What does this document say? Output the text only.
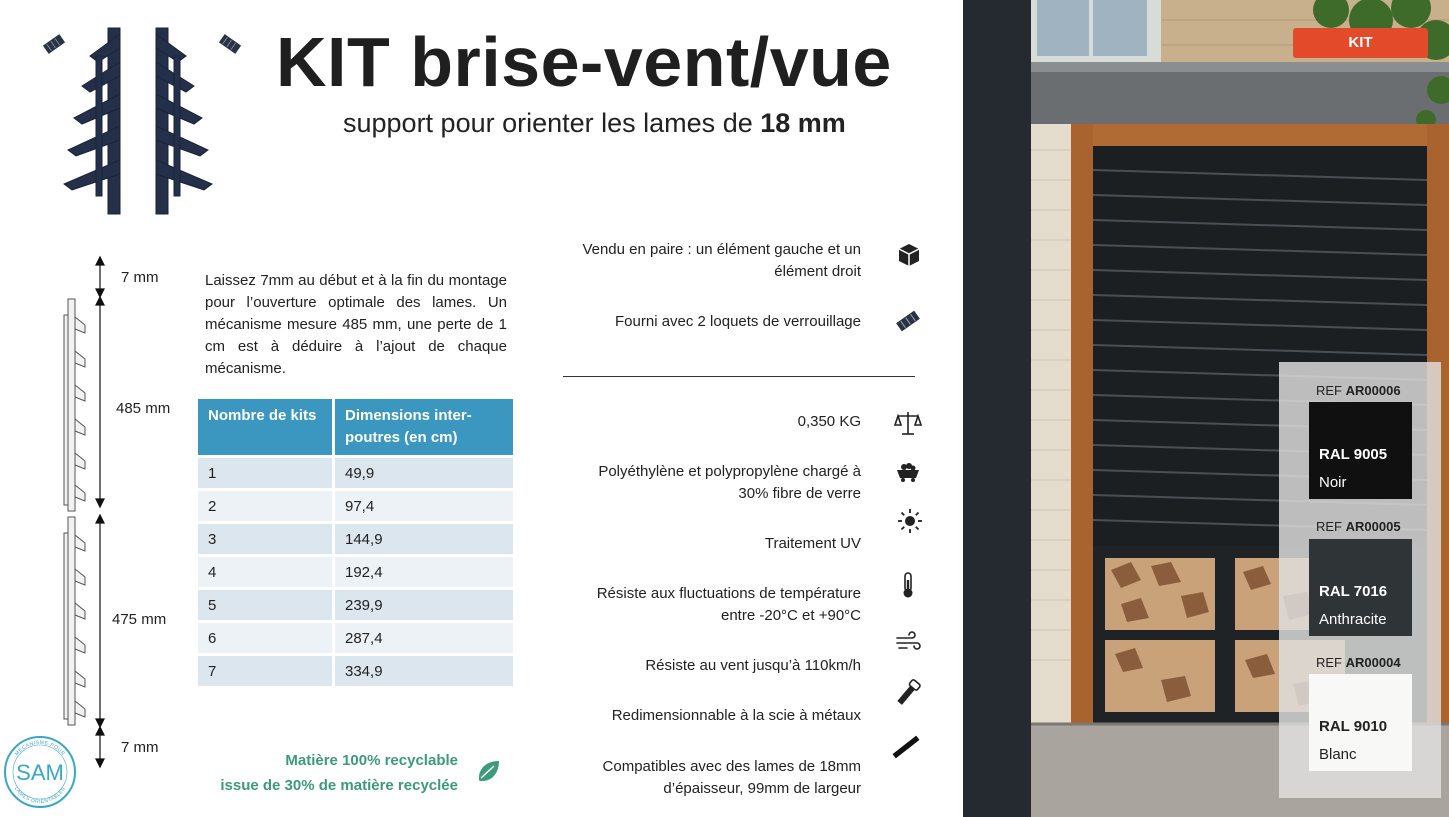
KIT brise-vent/vue
support pour orienter les lames de 18 mm
7 mm
485 mm
475 mm
7 mm

Laissez 7mm au début et à la fin du montage pour l’ouverture optimale des lames. Un mécanisme mesure 485 mm, une perte de 1 cm est à déduire à l’ajout de chaque mécanisme.

Nombre de kits	Dimensions inter-poutres (en cm)
1	49,9
2	97,4
3	144,9
4	192,4
5	239,9
6	287,4
7	334,9
MÉCANISME POUR
LAMES ORIENTABLES
SAM	Matière 100% recyclable
issue de 30% de matière recyclée
Vendu en paire : un élément gauche et un
élément droit
Fourni avec 2 loquets de verrouillage
0,350 KG
Polyéthylène et polypropylène chargé à
30% fibre de verre
Traitement UV
Résiste aux fluctuations de température
entre -20°C et +90°C
Résiste au vent jusqu’à 110km/h
Redimensionnable à la scie à métaux
Compatibles avec des lames de 18mm
d’épaisseur, 99mm de largeur
KIT
REF AR00006
RAL 9005
Noir
REF AR00005
RAL 7016
Anthracite
REF AR00004
RAL 9010
Blanc
